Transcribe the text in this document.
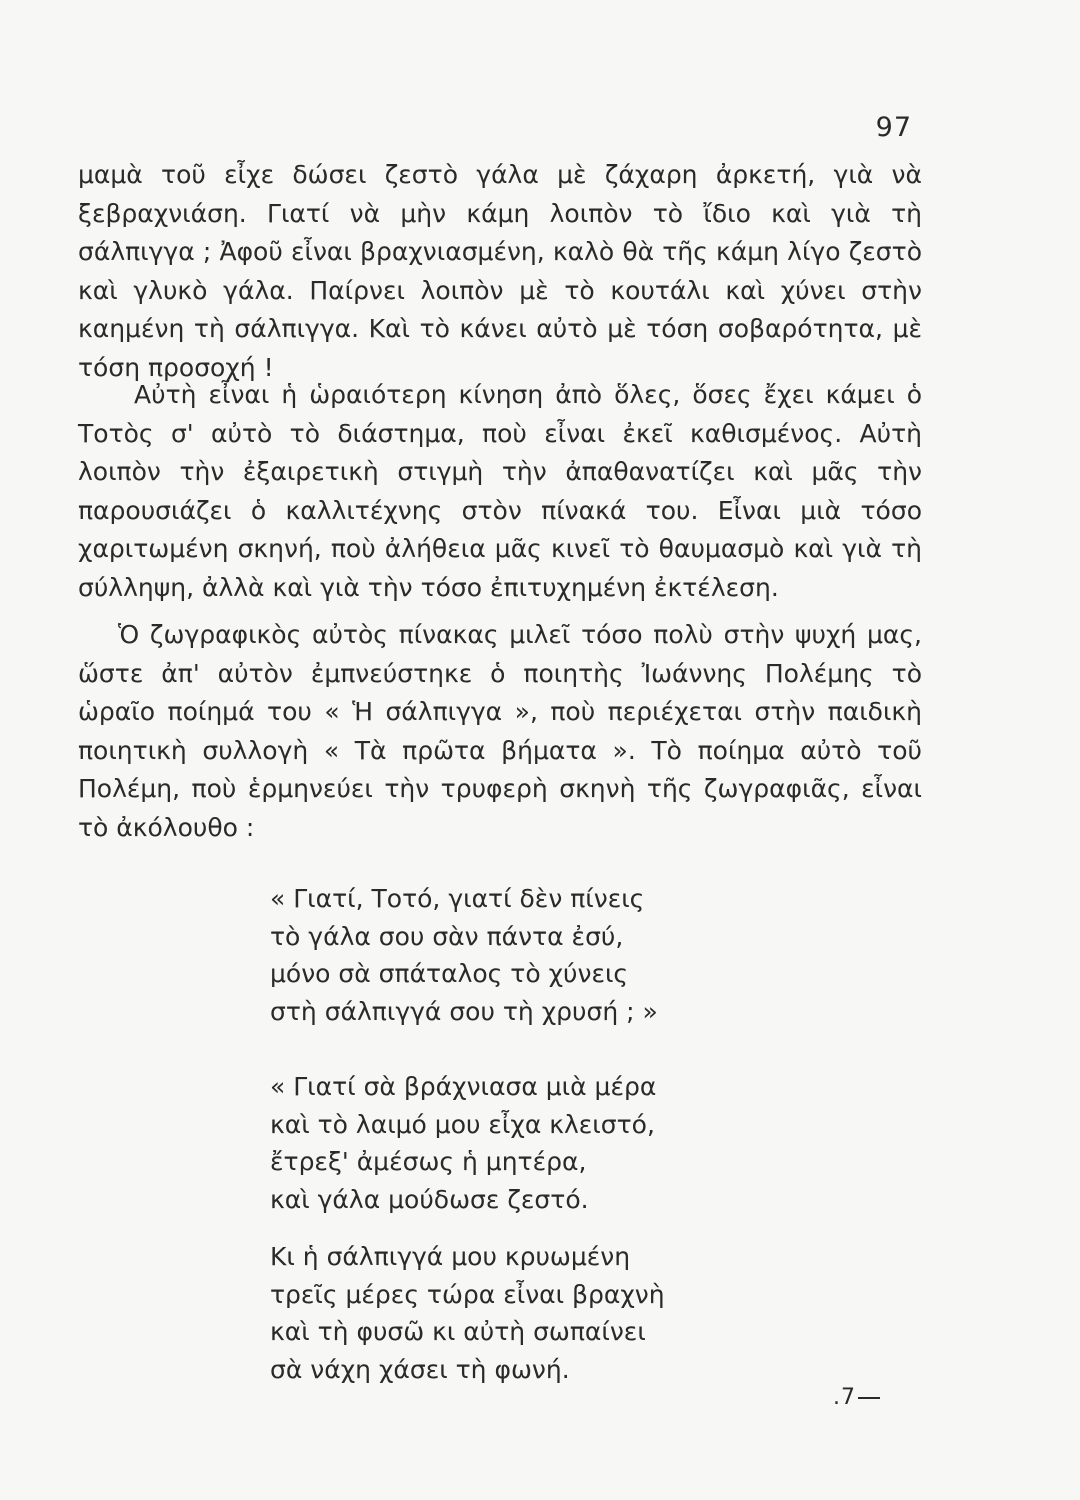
97

μαμὰ τοῦ εἶχε δώσει ζεστὸ γάλα μὲ ζάχαρη ἀρκετή, γιὰ νὰ ξεβραχνιάση. Γιατί νὰ μὴν κάμη λοιπὸν τὸ ἴδιο καὶ γιὰ τὴ σάλπιγγα ; Ἀφοῦ εἶναι βραχνιασμένη, καλὸ θὰ τῆς κάμη λίγο ζεστὸ καὶ γλυκὸ γάλα. Παίρνει λοιπὸν μὲ τὸ κουτάλι καὶ χύνει στὴν καημένη τὴ σάλπιγγα. Καὶ τὸ κάνει αὐτὸ μὲ τόση σοβαρότητα, μὲ τόση προσοχή !

Αὐτὴ εἶναι ἡ ὡραιότερη κίνηση ἀπὸ ὅλες, ὅσες ἔχει κάμει ὁ Τοτὸς σ' αὐτὸ τὸ διάστημα, ποὺ εἶναι ἐκεῖ καθισμένος. Αὐτὴ λοιπὸν τὴν ἐξαιρετικὴ στιγμὴ τὴν ἀπαθανατίζει καὶ μᾶς τὴν παρουσιάζει ὁ καλλιτέχνης στὸν πίνακά του. Εἶναι μιὰ τόσο χαριτωμένη σκηνή, ποὺ ἀλήθεια μᾶς κινεῖ τὸ θαυμασμὸ καὶ γιὰ τὴ σύλληψη, ἀλλὰ καὶ γιὰ τὴν τόσο ἐπιτυχημένη ἐκτέλεση.

Ὁ ζωγραφικὸς αὐτὸς πίνακας μιλεῖ τόσο πολὺ στὴν ψυχή μας, ὥστε ἀπ' αὐτὸν ἐμπνεύστηκε ὁ ποιητὴς Ἰωάννης Πολέμης τὸ ὡραῖο ποίημά του « Ἡ σάλπιγγα », ποὺ περιέχεται στὴν παιδικὴ ποιητικὴ συλλογὴ « Τὰ πρῶτα βήματα ». Τὸ ποίημα αὐτὸ τοῦ Πολέμη, ποὺ ἑρμηνεύει τὴν τρυφερὴ σκηνὴ τῆς ζωγραφιᾶς, εἶναι τὸ ἀκόλουθο :

« Γιατί, Τοτό, γιατί δὲν πίνεις
τὸ γάλα σου σὰν πάντα ἐσύ,
μόνο σὰ σπάταλος τὸ χύνεις
στὴ σάλπιγγά σου τὴ χρυσή ; »
« Γιατί σὰ βράχνιασα μιὰ μέρα
καὶ τὸ λαιμό μου εἶχα κλειστό,
ἔτρεξ' ἀμέσως ἡ μητέρα,
καὶ γάλα μούδωσε ζεστό.
Κι ἡ σάλπιγγά μου κρυωμένη
τρεῖς μέρες τώρα εἶναι βραχνὴ
καὶ τὴ φυσῶ κι αὐτὴ σωπαίνει
σὰ νάχη χάσει τὴ φωνή.
.7
